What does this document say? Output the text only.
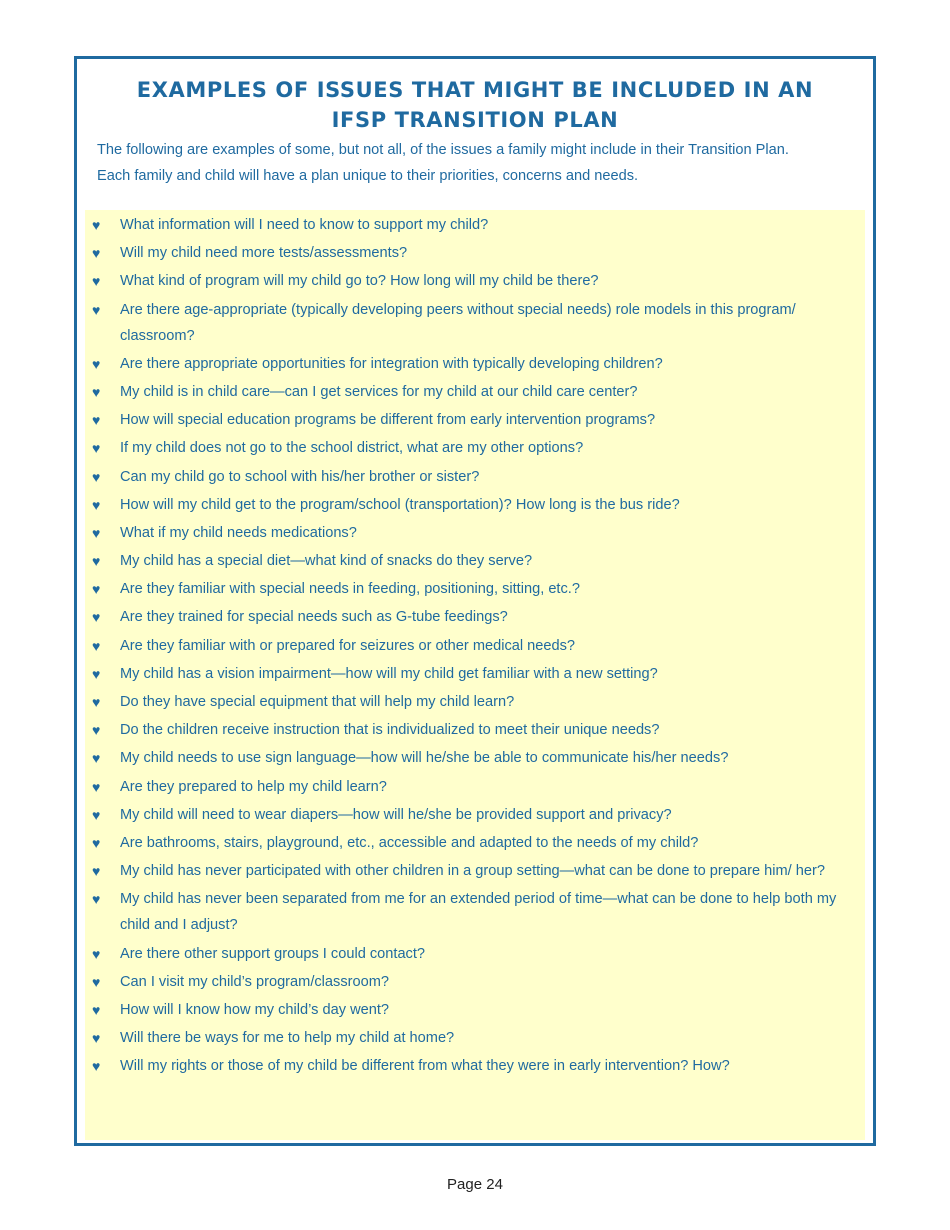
EXAMPLES OF ISSUES THAT MIGHT BE INCLUDED IN AN
IFSP TRANSITION PLAN
The following are examples of some, but not all, of the issues a family might include in their Transition Plan.
Each family and child will have a plan unique to their priorities, concerns and needs.
♥ What information will I need to know to support my child?
♥ Will my child need more tests/assessments?
♥ What kind of program will my child go to? How long will my child be there?
♥ Are there age-appropriate (typically developing peers without special needs) role models in this program/ classroom?
♥ Are there appropriate opportunities for integration with typically developing children?
♥ My child is in child care—can I get services for my child at our child care center?
♥ How will special education programs be different from early intervention programs?
♥ If my child does not go to the school district, what are my other options?
♥ Can my child go to school with his/her brother or sister?
♥ How will my child get to the program/school (transportation)? How long is the bus ride?
♥ What if my child needs medications?
♥ My child has a special diet—what kind of snacks do they serve?
♥ Are they familiar with special needs in feeding, positioning, sitting, etc.?
♥ Are they trained for special needs such as G-tube feedings?
♥ Are they familiar with or prepared for seizures or other medical needs?
♥ My child has a vision impairment—how will my child get familiar with a new setting?
♥ Do they have special equipment that will help my child learn?
♥ Do the children receive instruction that is individualized to meet their unique needs?
♥ My child needs to use sign language—how will he/she be able to communicate his/her needs?
♥ Are they prepared to help my child learn?
♥ My child will need to wear diapers—how will he/she be provided support and privacy?
♥ Are bathrooms, stairs, playground, etc., accessible and adapted to the needs of my child?
♥ My child has never participated with other children in a group setting—what can be done to prepare him/ her?
♥ My child has never been separated from me for an extended period of time—what can be done to help both my child and I adjust?
♥ Are there other support groups I could contact?
♥ Can I visit my child’s program/classroom?
♥ How will I know how my child’s day went?
♥ Will there be ways for me to help my child at home?
♥ Will my rights or those of my child be different from what they were in early intervention? How?
Page 24
